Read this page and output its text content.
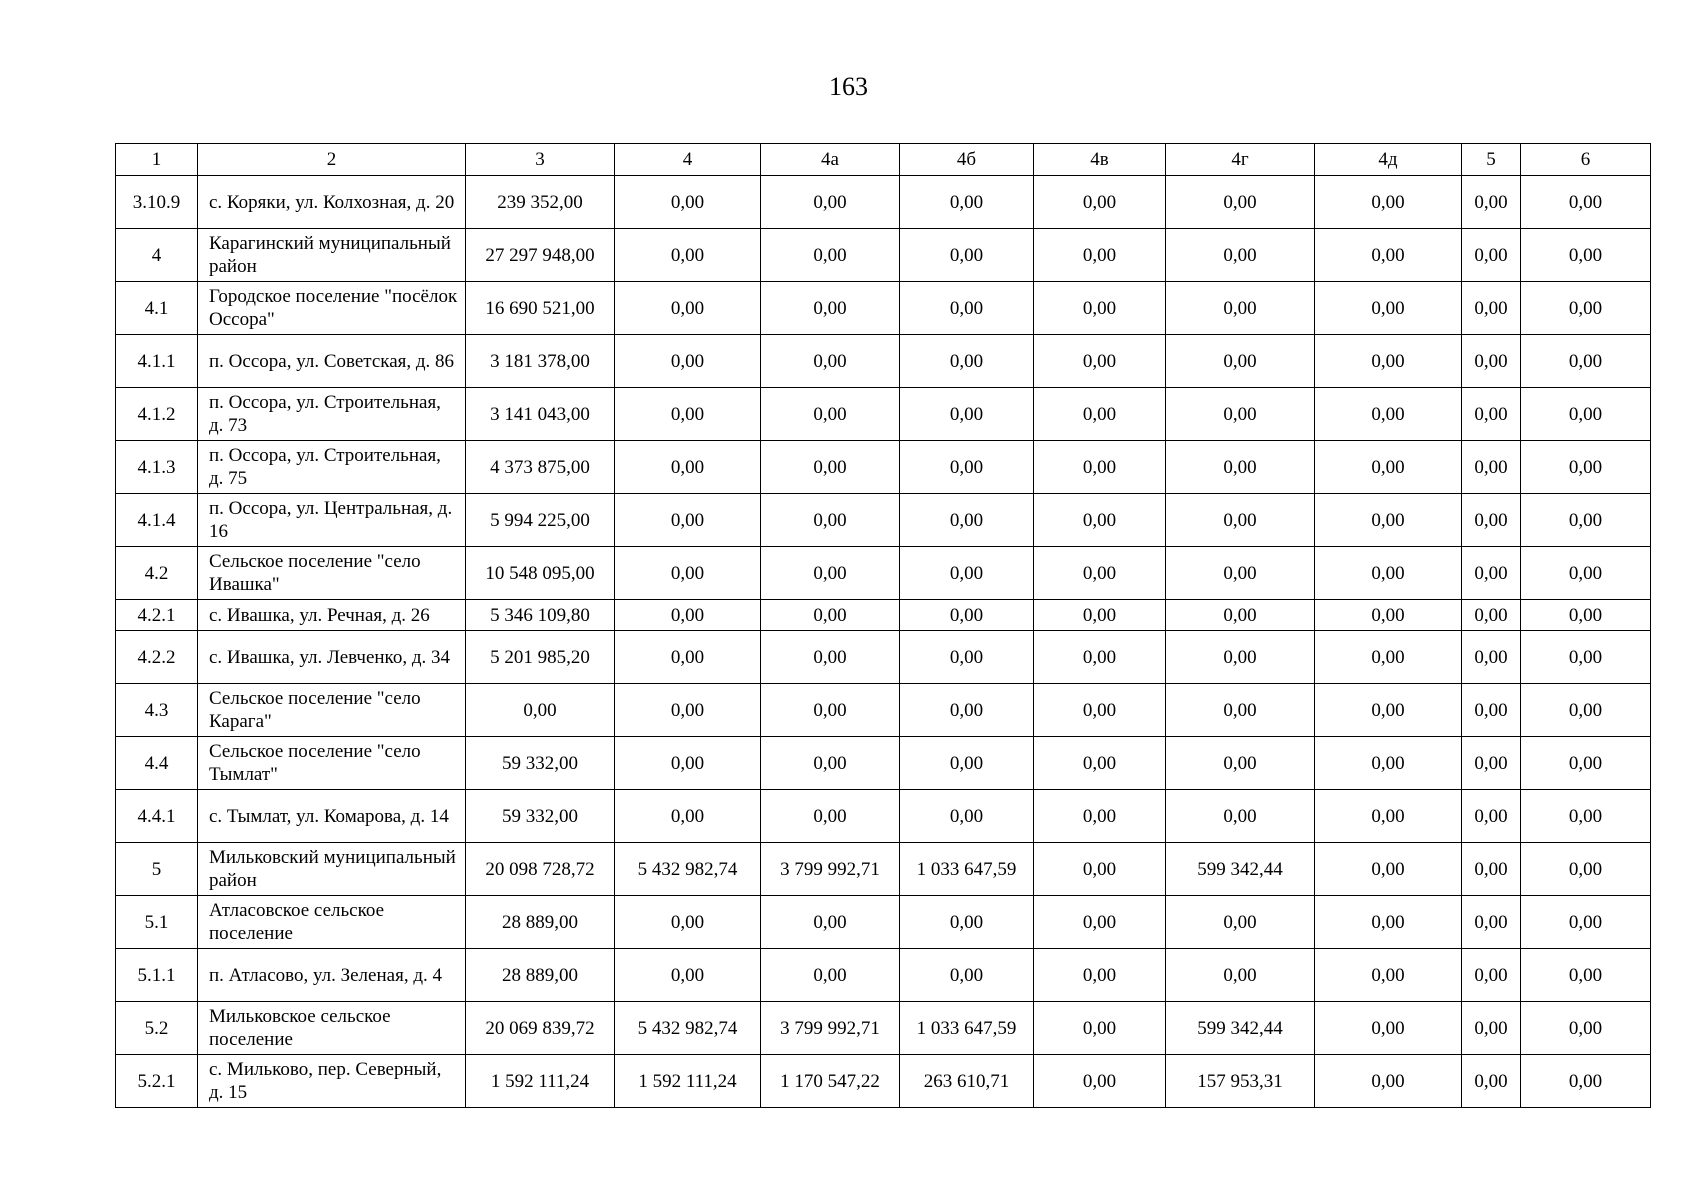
163
1	2	3	4	4а	4б	4в	4г	4д	5	6
3.10.9	с. Коряки, ул. Колхозная, д. 20	239 352,00	0,00	0,00	0,00	0,00	0,00	0,00	0,00	0,00
4	Карагинский муниципальный район	27 297 948,00	0,00	0,00	0,00	0,00	0,00	0,00	0,00	0,00
4.1	Городское поселение "посёлок Оссора"	16 690 521,00	0,00	0,00	0,00	0,00	0,00	0,00	0,00	0,00
4.1.1	п. Оссора, ул. Советская, д. 86	3 181 378,00	0,00	0,00	0,00	0,00	0,00	0,00	0,00	0,00
4.1.2	п. Оссора, ул. Строительная, д. 73	3 141 043,00	0,00	0,00	0,00	0,00	0,00	0,00	0,00	0,00
4.1.3	п. Оссора, ул. Строительная, д. 75	4 373 875,00	0,00	0,00	0,00	0,00	0,00	0,00	0,00	0,00
4.1.4	п. Оссора, ул. Центральная, д. 16	5 994 225,00	0,00	0,00	0,00	0,00	0,00	0,00	0,00	0,00
4.2	Сельское поселение "село Ивашка"	10 548 095,00	0,00	0,00	0,00	0,00	0,00	0,00	0,00	0,00
4.2.1	с. Ивашка, ул. Речная, д. 26	5 346 109,80	0,00	0,00	0,00	0,00	0,00	0,00	0,00	0,00
4.2.2	с. Ивашка, ул. Левченко, д. 34	5 201 985,20	0,00	0,00	0,00	0,00	0,00	0,00	0,00	0,00
4.3	Сельское поселение "село Карага"	0,00	0,00	0,00	0,00	0,00	0,00	0,00	0,00	0,00
4.4	Сельское поселение "село Тымлат"	59 332,00	0,00	0,00	0,00	0,00	0,00	0,00	0,00	0,00
4.4.1	с. Тымлат, ул. Комарова, д. 14	59 332,00	0,00	0,00	0,00	0,00	0,00	0,00	0,00	0,00
5	Мильковский муниципальный район	20 098 728,72	5 432 982,74	3 799 992,71	1 033 647,59	0,00	599 342,44	0,00	0,00	0,00
5.1	Атласовское сельское поселение	28 889,00	0,00	0,00	0,00	0,00	0,00	0,00	0,00	0,00
5.1.1	п. Атласово, ул. Зеленая, д. 4	28 889,00	0,00	0,00	0,00	0,00	0,00	0,00	0,00	0,00
5.2	Мильковское сельское поселение	20 069 839,72	5 432 982,74	3 799 992,71	1 033 647,59	0,00	599 342,44	0,00	0,00	0,00
5.2.1	с. Мильково, пер. Северный, д. 15	1 592 111,24	1 592 111,24	1 170 547,22	263 610,71	0,00	157 953,31	0,00	0,00	0,00
